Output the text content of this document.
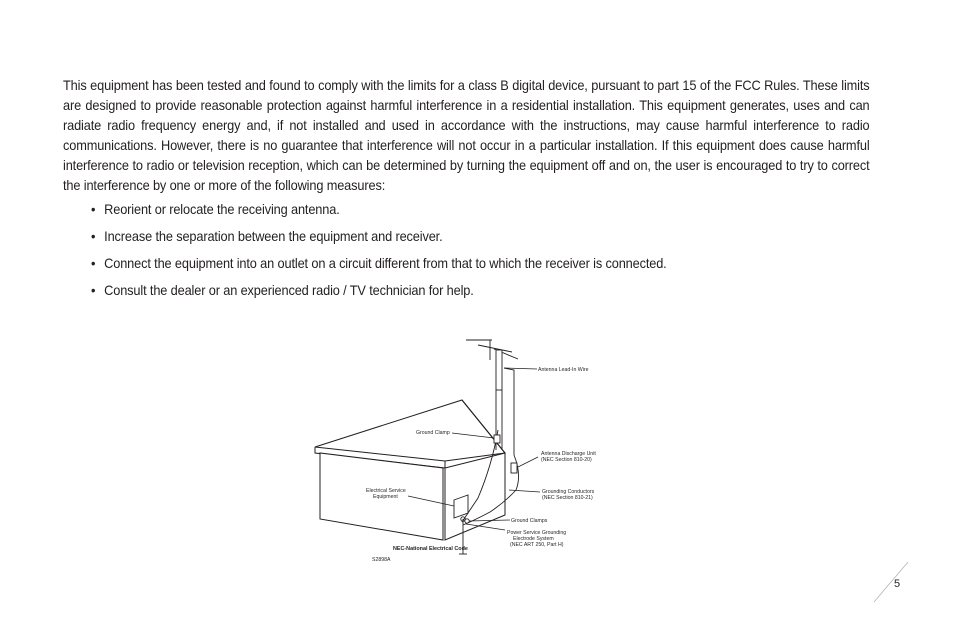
This equipment has been tested and found to comply with the limits for a class B digital device, pursuant to part 15 of the FCC Rules. These limits are designed to provide reasonable protection against harmful interference in a residential installation. This equipment generates, uses and can radiate radio frequency energy and, if not installed and used in accordance with the instructions, may cause harmful interference to radio communications. However, there is no guarantee that interference will not occur in a particular installation. If this equipment does cause harmful interference to radio or television reception, which can be determined by turning the equipment off and on, the user is encouraged to try to correct the interference by one or more of the following measures:
• Reorient or relocate the receiving antenna.
• Increase the separation between the equipment and receiver.
• Connect the equipment into an outlet on a circuit different from that to which the receiver is connected.
• Consult the dealer or an experienced radio / TV technician for help.
Antenna Lead-In Wire
Ground Clamp
Antenna Discharge Unit
(NEC Section 810-20)
Electrical Service
Equipment
Grounding Conductors
(NEC Section 810-21)
Ground Clamps
Power Service Grounding
Electrode System
(NEC ART 250, Part H)
NEC-National Electrical Code
S2898A
5
